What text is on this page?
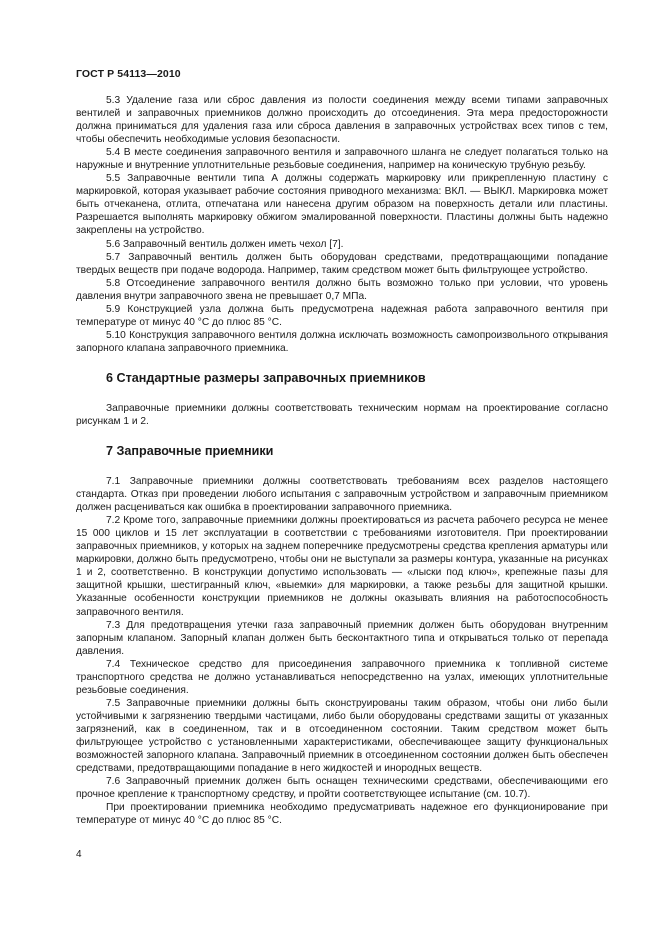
ГОСТ Р 54113—2010

5.3 Удаление газа или сброс давления из полости соединения между всеми типами заправочных вентилей и заправочных приемников должно происходить до отсоединения. Эта мера предосторожности должна приниматься для удаления газа или сброса давления в заправочных устройствах всех типов с тем, чтобы обеспечить необходимые условия безопасности.

5.4 В месте соединения заправочного вентиля и заправочного шланга не следует полагаться только на наружные и внутренние уплотнительные резьбовые соединения, например на коническую трубную резьбу.

5.5 Заправочные вентили типа А должны содержать маркировку или прикрепленную пластину с маркировкой, которая указывает рабочие состояния приводного механизма: ВКЛ. — ВЫКЛ. Маркировка может быть отчеканена, отлита, отпечатана или нанесена другим образом на поверхность детали или пластины. Разрешается выполнять маркировку обжигом эмалированной поверхности. Пластины должны быть надежно закреплены на устройство.

5.6 Заправочный вентиль должен иметь чехол [7].

5.7 Заправочный вентиль должен быть оборудован средствами, предотвращающими попадание твердых веществ при подаче водорода. Например, таким средством может быть фильтрующее устройство.

5.8 Отсоединение заправочного вентиля должно быть возможно только при условии, что уровень давления внутри заправочного звена не превышает 0,7 МПа.

5.9 Конструкцией узла должна быть предусмотрена надежная работа заправочного вентиля при температуре от минус 40 °С до плюс 85 °С.

5.10 Конструкция заправочного вентиля должна исключать возможность самопроизвольного открывания запорного клапана заправочного приемника.

6 Стандартные размеры заправочных приемников

Заправочные приемники должны соответствовать техническим нормам на проектирование согласно рисункам 1 и 2.

7 Заправочные приемники

7.1 Заправочные приемники должны соответствовать требованиям всех разделов настоящего стандарта. Отказ при проведении любого испытания с заправочным устройством и заправочным приемником должен расцениваться как ошибка в проектировании заправочного приемника.

7.2 Кроме того, заправочные приемники должны проектироваться из расчета рабочего ресурса не менее 15 000 циклов и 15 лет эксплуатации в соответствии с требованиями изготовителя. При проектировании заправочных приемников, у которых на заднем поперечнике предусмотрены средства крепления арматуры или маркировки, должно быть предусмотрено, чтобы они не выступали за размеры контура, указанные на рисунках 1 и 2, соответственно. В конструкции допустимо использовать — «лыски под ключ», крепежные пазы для защитной крышки, шестигранный ключ, «выемки» для маркировки, а также резьбы для защитной крышки. Указанные особенности конструкции приемников не должны оказывать влияния на работоспособность заправочного вентиля.

7.3 Для предотвращения утечки газа заправочный приемник должен быть оборудован внутренним запорным клапаном. Запорный клапан должен быть бесконтактного типа и открываться только от перепада давления.

7.4 Техническое средство для присоединения заправочного приемника к топливной системе транспортного средства не должно устанавливаться непосредственно на узлах, имеющих уплотнительные резьбовые соединения.

7.5 Заправочные приемники должны быть сконструированы таким образом, чтобы они либо были устойчивыми к загрязнению твердыми частицами, либо были оборудованы средствами защиты от указанных загрязнений, как в соединенном, так и в отсоединенном состоянии. Таким средством может быть фильтрующее устройство с установленными характеристиками, обеспечивающее защиту функциональных возможностей запорного клапана. Заправочный приемник в отсоединенном состоянии должен быть обеспечен средствами, предотвращающими попадание в него жидкостей и инородных веществ.

7.6 Заправочный приемник должен быть оснащен техническими средствами, обеспечивающими его прочное крепление к транспортному средству, и пройти соответствующее испытание (см. 10.7).

При проектировании приемника необходимо предусматривать надежное его функционирование при температуре от минус 40 °С до плюс 85 °С.

4
